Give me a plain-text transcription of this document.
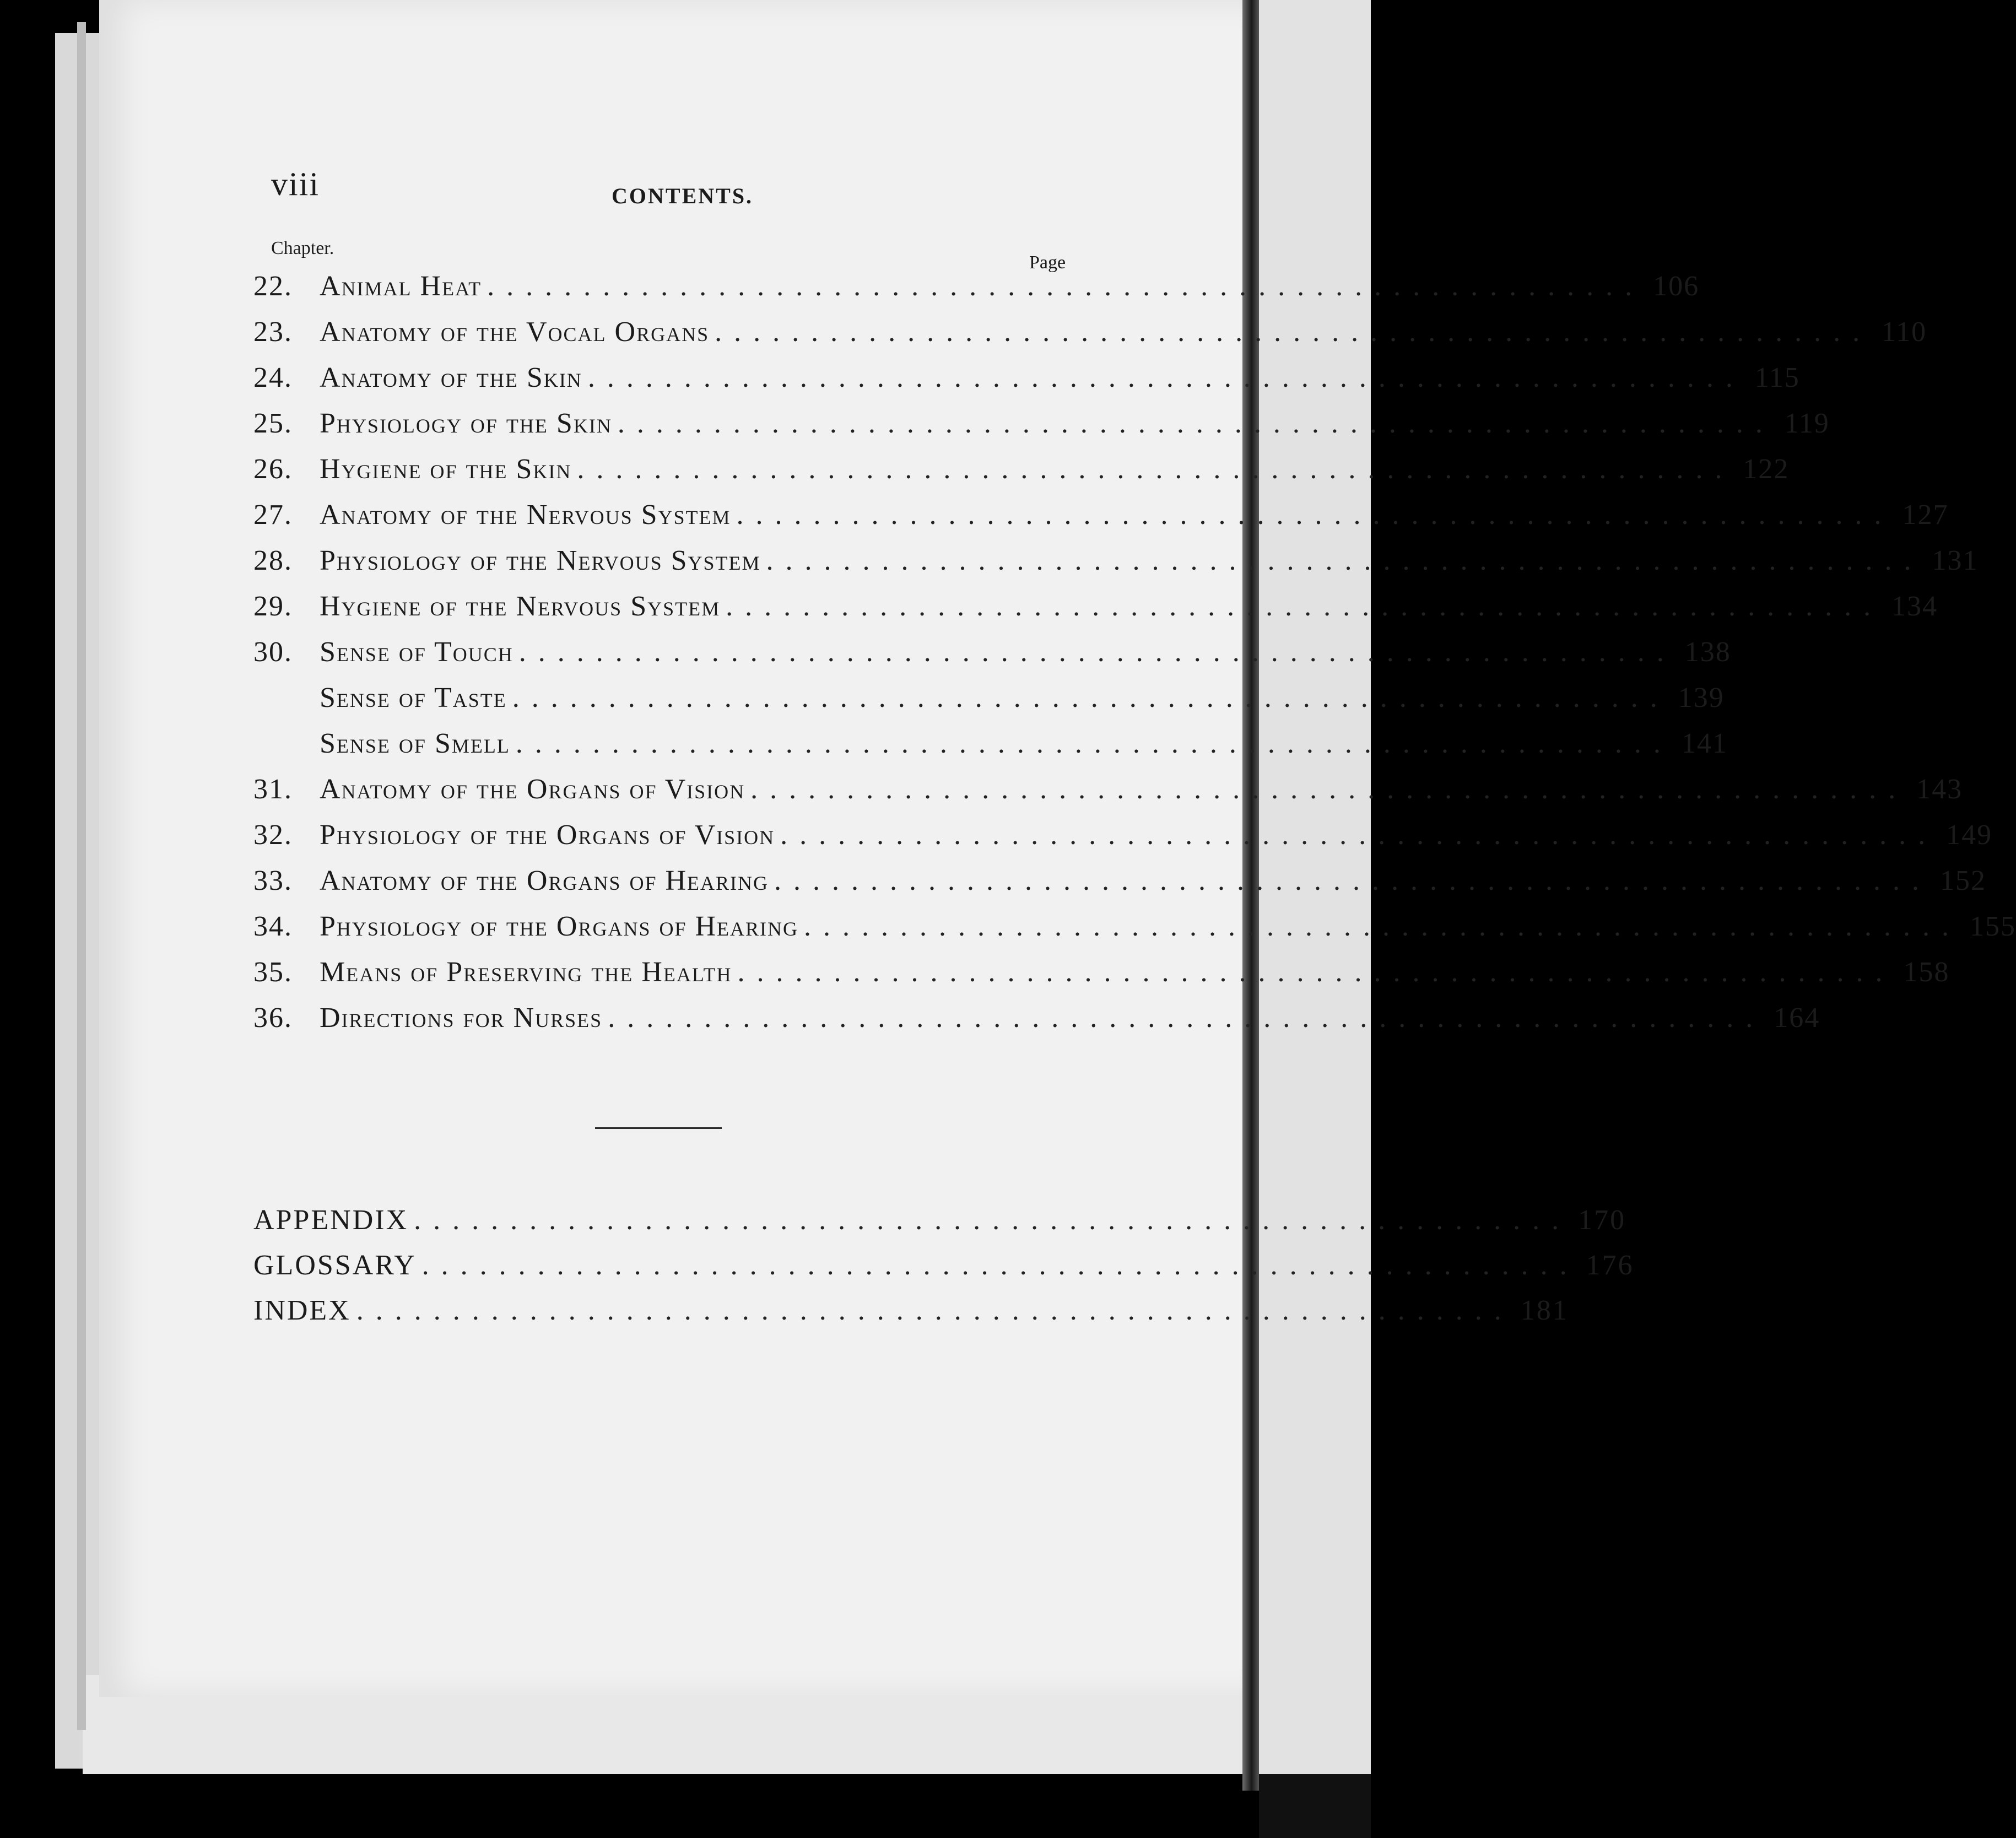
viii	CONTENTS.
Chapter.
Page
22. Animal Heat ............................................................ 106
23. Anatomy of the Vocal Organs ............................................................ 110
24. Anatomy of the Skin ............................................................ 115
25. Physiology of the Skin ............................................................ 119
26. Hygiene of the Skin ............................................................ 122
27. Anatomy of the Nervous System ............................................................ 127
28. Physiology of the Nervous System ............................................................ 131
29. Hygiene of the Nervous System ............................................................ 134
30. Sense of Touch ............................................................ 138
Sense of Taste ............................................................ 139
Sense of Smell ............................................................ 141
31. Anatomy of the Organs of Vision ............................................................ 143
32. Physiology of the Organs of Vision ............................................................ 149
33. Anatomy of the Organs of Hearing ............................................................ 152
34. Physiology of the Organs of Hearing ............................................................ 155
35. Means of Preserving the Health ............................................................ 158
36. Directions for Nurses ............................................................ 164
APPENDIX ............................................................ 170
GLOSSARY ............................................................ 176
INDEX ............................................................ 181
